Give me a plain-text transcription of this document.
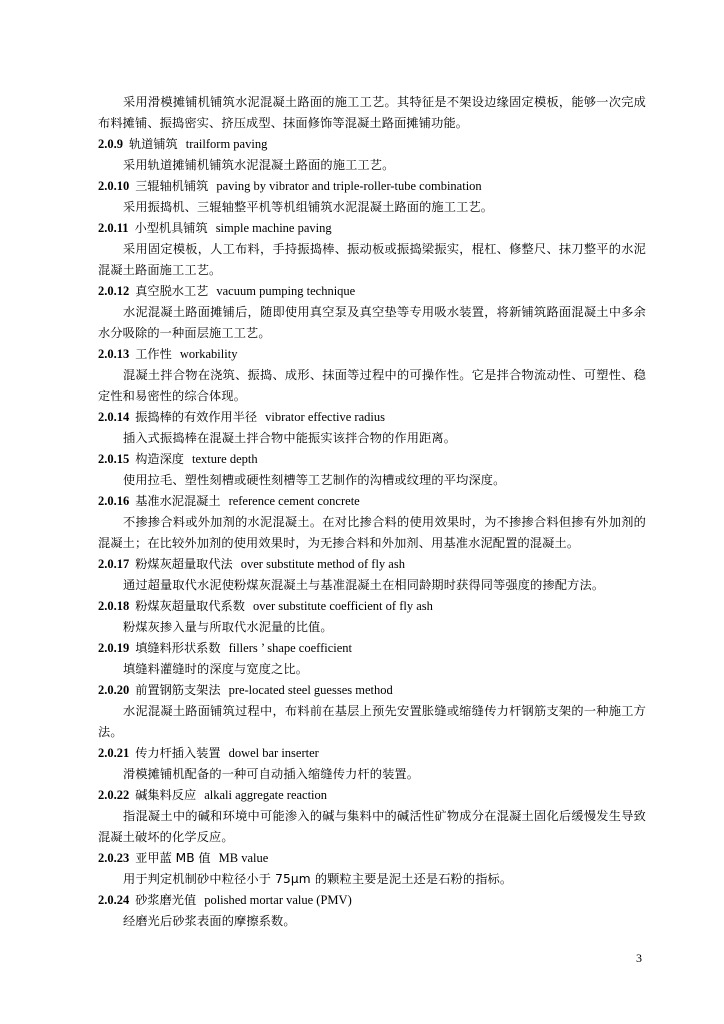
采用滑模摊铺机铺筑水泥混凝土路面的施工工艺。其特征是不架设边缘固定模板，能够一次完成布料摊铺、振捣密实、挤压成型、抹面修饰等混凝土路面摊铺功能。

2.0.9 轨道铺筑 trailform paving

采用轨道摊铺机铺筑水泥混凝土路面的施工工艺。

2.0.10 三辊轴机铺筑 paving by vibrator and triple-roller-tube combination

采用振捣机、三辊轴整平机等机组铺筑水泥混凝土路面的施工工艺。

2.0.11 小型机具铺筑 simple machine paving

采用固定模板，人工布料，手持振捣棒、振动板或振捣梁振实，棍杠、修整尺、抹刀整平的水泥混凝土路面施工工艺。

2.0.12 真空脱水工艺 vacuum pumping technique

水泥混凝土路面摊铺后，随即使用真空泵及真空垫等专用吸水装置，将新铺筑路面混凝土中多余水分吸除的一种面层施工工艺。

2.0.13 工作性 workability

混凝土拌合物在浇筑、振捣、成形、抹面等过程中的可操作性。它是拌合物流动性、可塑性、稳定性和易密性的综合体现。

2.0.14 振捣棒的有效作用半径 vibrator effective radius

插入式振捣棒在混凝土拌合物中能振实该拌合物的作用距离。

2.0.15 构造深度 texture depth

使用拉毛、塑性刻槽或硬性刻槽等工艺制作的沟槽或纹理的平均深度。

2.0.16 基准水泥混凝土 reference cement concrete

不掺掺合料或外加剂的水泥混凝土。在对比掺合料的使用效果时，为不掺掺合料但掺有外加剂的混凝土；在比较外加剂的使用效果时，为无掺合料和外加剂、用基准水泥配置的混凝土。

2.0.17 粉煤灰超量取代法 over substitute method of fly ash

通过超量取代水泥使粉煤灰混凝土与基准混凝土在相同龄期时获得同等强度的掺配方法。

2.0.18 粉煤灰超量取代系数 over substitute coefficient of fly ash

粉煤灰掺入量与所取代水泥量的比值。

2.0.19 填缝料形状系数 fillers ’ shape coefficient

填缝料灌缝时的深度与宽度之比。

2.0.20 前置钢筋支架法 pre-located steel guesses method

水泥混凝土路面铺筑过程中，布料前在基层上预先安置胀缝或缩缝传力杆钢筋支架的一种施工方法。

2.0.21 传力杆插入装置 dowel bar inserter

滑模摊铺机配备的一种可自动插入缩缝传力杆的装置。

2.0.22 碱集料反应 alkali aggregate reaction

指混凝土中的碱和环境中可能渗入的碱与集料中的碱活性矿物成分在混凝土固化后缓慢发生导致混凝土破坏的化学反应。

2.0.23 亚甲蓝 MB 值 MB value

用于判定机制砂中粒径小于 75μm 的颗粒主要是泥土还是石粉的指标。

2.0.24 砂浆磨光值 polished mortar value (PMV)

经磨光后砂浆表面的摩擦系数。

3
